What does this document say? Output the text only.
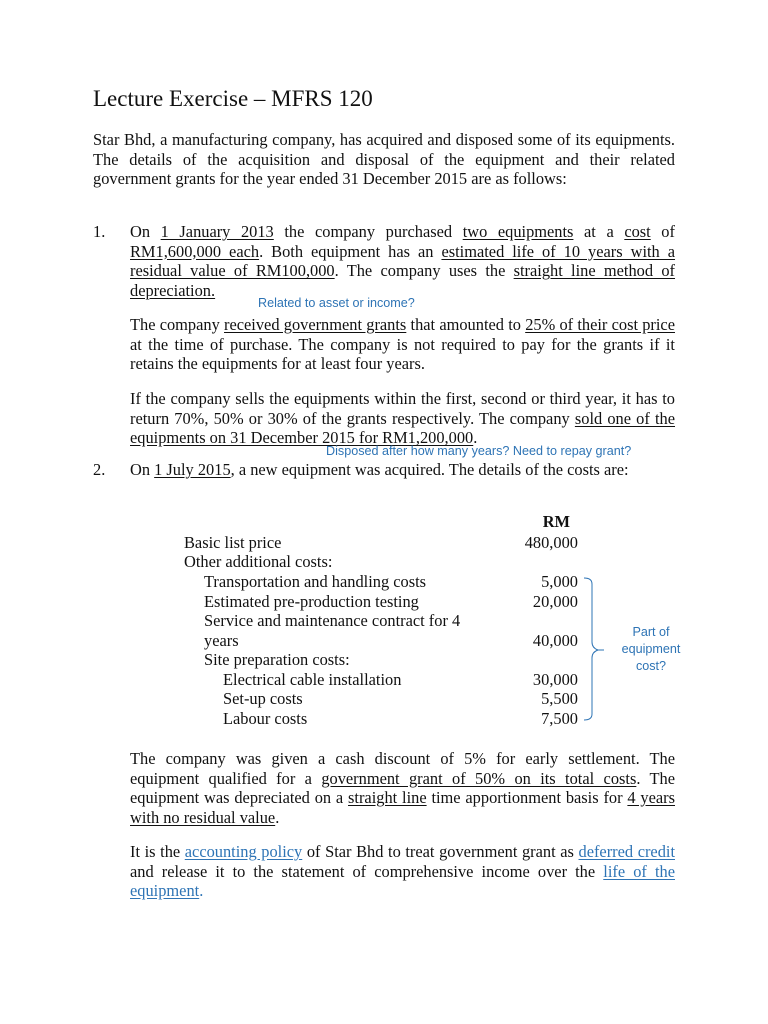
Lecture Exercise – MFRS 120
Star Bhd, a manufacturing company, has acquired and disposed some of its equipments. The details of the acquisition and disposal of the equipment and their related government grants for the year ended 31 December 2015 are as follows:
1. On 1 January 2013 the company purchased two equipments at a cost of RM1,600,000 each. Both equipment has an estimated life of 10 years with a residual value of RM100,000. The company uses the straight line method of depreciation.
Related to asset or income?
The company received government grants that amounted to 25% of their cost price at the time of purchase. The company is not required to pay for the grants if it retains the equipments for at least four years.
If the company sells the equipments within the first, second or third year, it has to return 70%, 50% or 30% of the grants respectively. The company sold one of the equipments on 31 December 2015 for RM1,200,000.
Disposed after how many years? Need to repay grant?
2. On 1 July 2015, a new equipment was acquired. The details of the costs are:
RM
Basic list price	480,000
Other additional costs:
Transportation and handling costs	5,000
Estimated pre-production testing	20,000
Service and maintenance contract for 4
years	40,000
Site preparation costs:
Electrical cable installation	30,000
Set-up costs	5,500
Labour costs	7,500
Part of equipment cost?
The company was given a cash discount of 5% for early settlement. The equipment qualified for a government grant of 50% on its total costs. The equipment was depreciated on a straight line time apportionment basis for 4 years with no residual value.
It is the accounting policy of Star Bhd to treat government grant as deferred credit and release it to the statement of comprehensive income over the life of the equipment.
